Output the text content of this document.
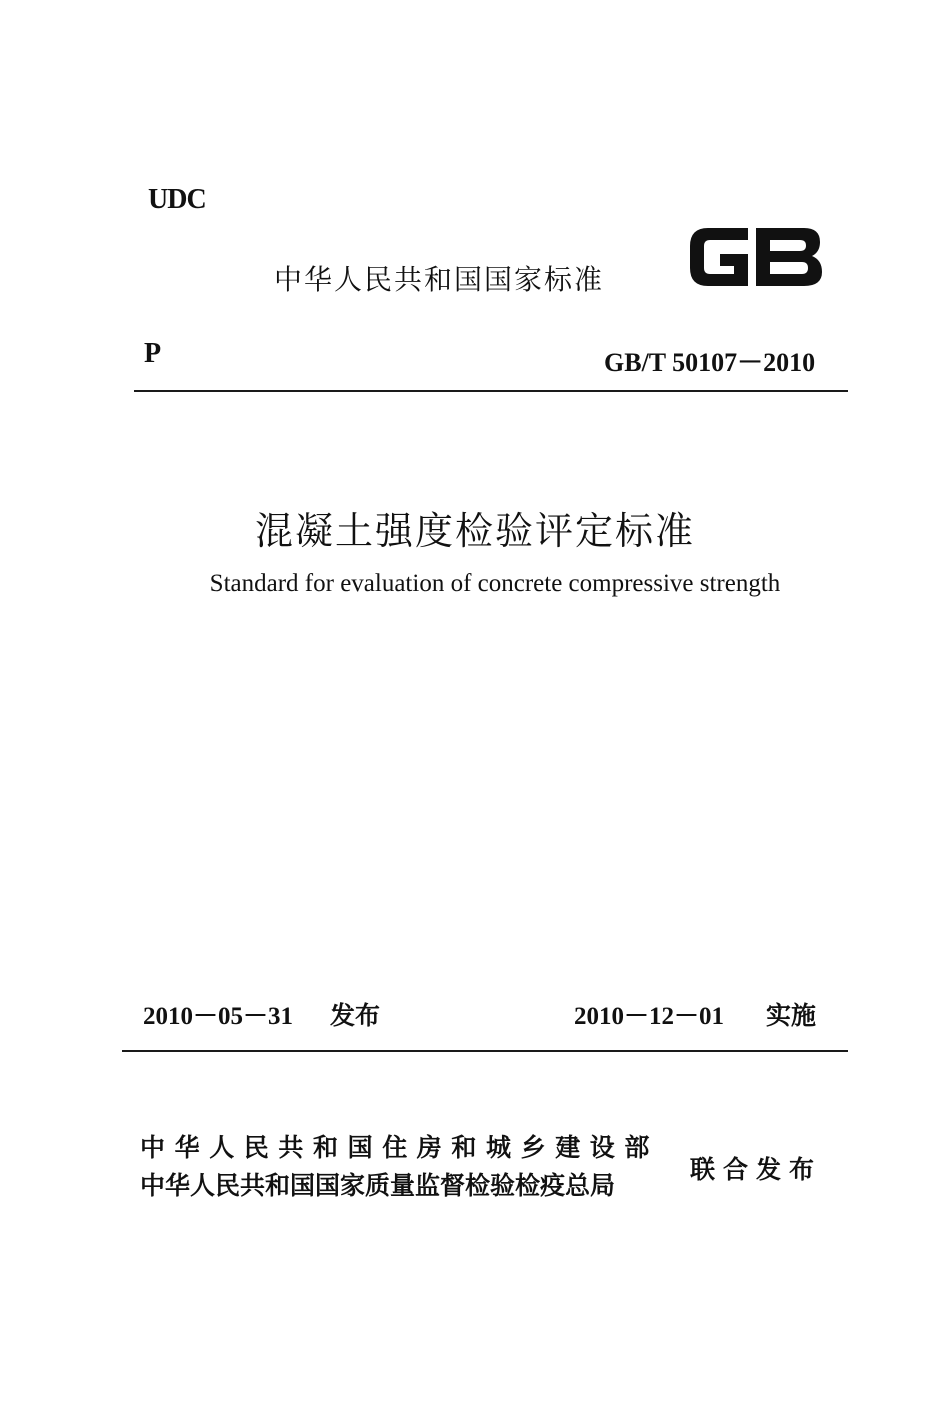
UDC
中华人民共和国国家标准
P	GB/T 50107－2010
混凝土强度检验评定标准
Standard for evaluation of concrete compressive strength
2010－05－31 发布	2010－12－01 实施
中华人民共和国住房和城乡建设部
中华人民共和国国家质量监督检验检疫总局
联合发布
